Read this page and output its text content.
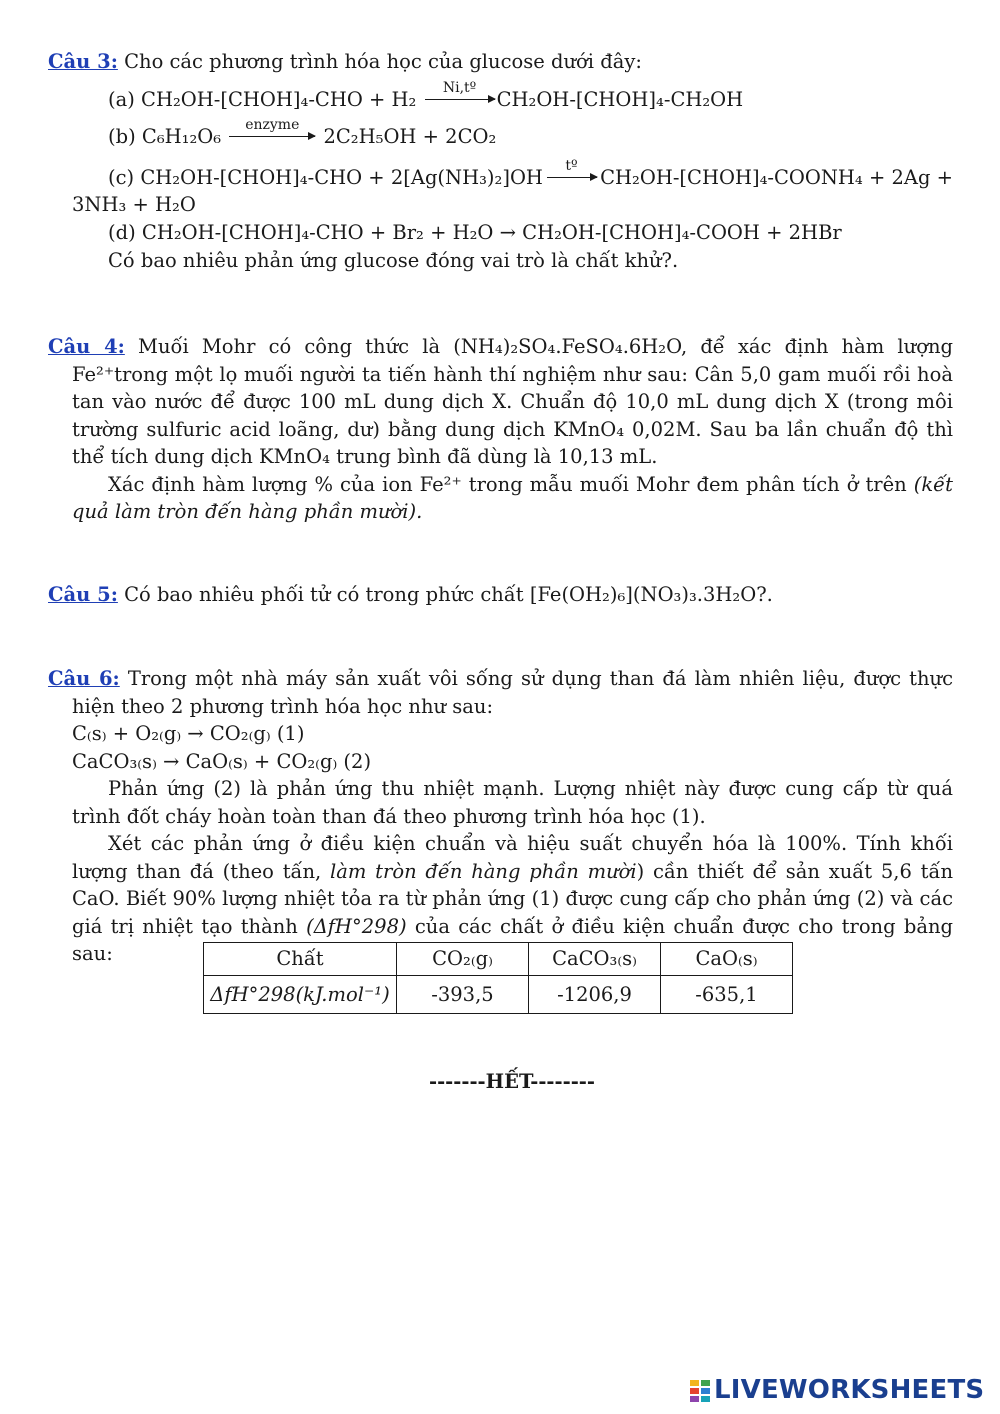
Câu 3: Cho các phương trình hóa học của glucose dưới đây:
(a) CH₂OH-[CHOH]₄-CHO + H₂	Ni,tº	CH₂OH-[CHOH]₄-CH₂OH
(b) C₆H₁₂O₆	enzyme	2C₂H₅OH + 2CO₂
(c) CH₂OH-[CHOH]₄-CHO + 2[Ag(NH₃)₂]OH	tº	CH₂OH-[CHOH]₄-COONH₄ + 2Ag +
3NH₃ + H₂O
(d) CH₂OH-[CHOH]₄-CHO + Br₂ + H₂O → CH₂OH-[CHOH]₄-COOH + 2HBr
Có bao nhiêu phản ứng glucose đóng vai trò là chất khử?.
Câu 4: Muối Mohr có công thức là (NH₄)₂SO₄.FeSO₄.6H₂O, để xác định hàm lượng Fe²⁺trong một lọ muối người ta tiến hành thí nghiệm như sau: Cân 5,0 gam muối rồi hoà tan vào nước để được 100 mL dung dịch X. Chuẩn độ 10,0 mL dung dịch X (trong môi trường sulfuric acid loãng, dư) bằng dung dịch KMnO₄ 0,02M. Sau ba lần chuẩn độ thì thể tích dung dịch KMnO₄ trung bình đã dùng là 10,13 mL.
Xác định hàm lượng % của ion Fe²⁺ trong mẫu muối Mohr đem phân tích ở trên (kết quả làm tròn đến hàng phần mười).
Câu 5: Có bao nhiêu phối tử có trong phức chất [Fe(OH₂)₆](NO₃)₃.3H₂O?.
Câu 6: Trong một nhà máy sản xuất vôi sống sử dụng than đá làm nhiên liệu, được thực hiện theo 2 phương trình hóa học như sau:
C₍s₎ + O₂₍g₎ → CO₂₍g₎ (1)
CaCO₃₍s₎ → CaO₍s₎ + CO₂₍g₎ (2)
Phản ứng (2) là phản ứng thu nhiệt mạnh. Lượng nhiệt này được cung cấp từ quá trình đốt cháy hoàn toàn than đá theo phương trình hóa học (1).
Xét các phản ứng ở điều kiện chuẩn và hiệu suất chuyển hóa là 100%. Tính khối lượng than đá (theo tấn, làm tròn đến hàng phần mười) cần thiết để sản xuất 5,6 tấn CaO. Biết 90% lượng nhiệt tỏa ra từ phản ứng (1) được cung cấp cho phản ứng (2) và các giá trị nhiệt tạo thành (ΔfH°298) của các chất ở điều kiện chuẩn được cho trong bảng sau:	Chất	CO₂₍g₎	CaCO₃₍s₎	CaO₍s₎
ΔfH°298(kJ.mol⁻¹)	-393,5	-1206,9	-635,1
-------HẾT--------
LIVEWORKSHEETS
